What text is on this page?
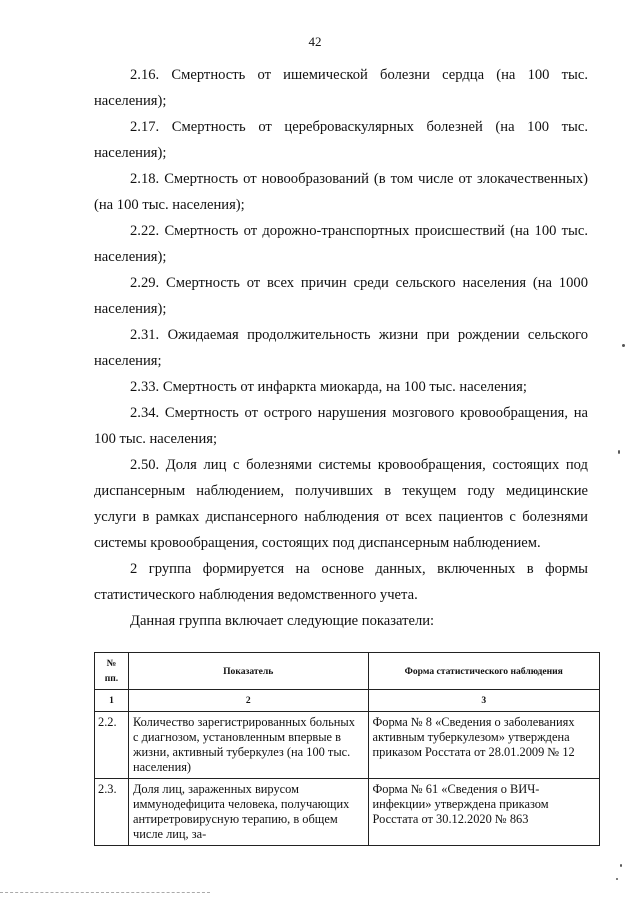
42

2.16. Смертность от ишемической болезни сердца (на 100 тыс. населения);

2.17. Смертность от цереброваскулярных болезней (на 100 тыс. населения);

2.18. Смертность от новообразований (в том числе от злокачественных) (на 100 тыс. населения);

2.22. Смертность от дорожно-транспортных происшествий (на 100 тыс. населения);

2.29. Смертность от всех причин среди сельского населения (на 1000 населения);

2.31. Ожидаемая продолжительность жизни при рождении сельского населения;

2.33. Смертность от инфаркта миокарда, на 100 тыс. населения;

2.34. Смертность от острого нарушения мозгового кровообращения, на 100 тыс. населения;

2.50. Доля лиц с болезнями системы кровообращения, состоящих под диспансерным наблюдением, получивших в текущем году медицинские услуги в рамках диспансерного наблюдения от всех пациентов с болезнями системы кровообращения, состоящих под диспансерным наблюдением.

2 группа формируется на основе данных, включенных в формы статистического наблюдения ведомственного учета.

Данная группа включает следующие показатели:

№ пп.	Показатель	Форма статистического наблюдения
1	2	3
2.2.	Количество зарегистрированных больных с диагнозом, установленным впервые в жизни, активный туберкулез (на 100 тыс. населения)	Форма № 8 «Сведения о заболеваниях активным туберкулезом» утверждена приказом Росстата от 28.01.2009 № 12
2.3.	Доля лиц, зараженных вирусом иммунодефицита человека, получающих антиретровирусную терапию, в общем числе лиц, за-	Форма № 61 «Сведения о ВИЧ-инфекции» утверждена приказом Росстата от 30.12.2020 № 863
